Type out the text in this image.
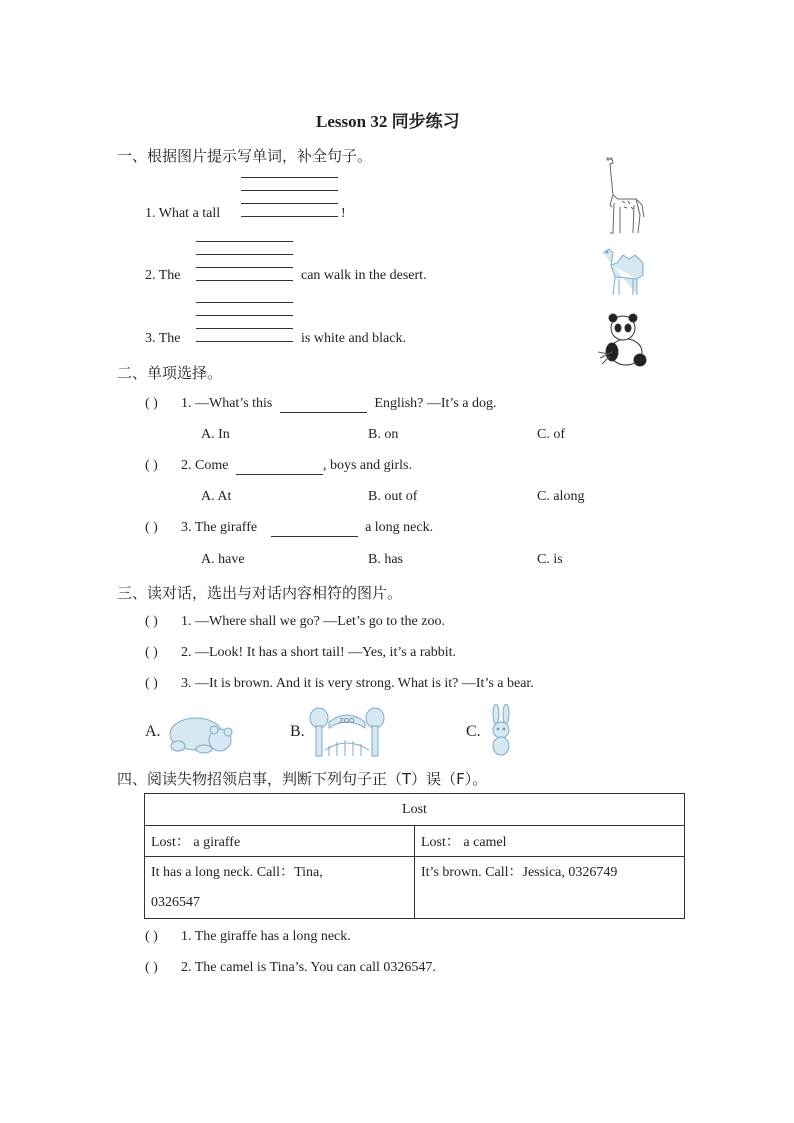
Lesson 32 同步练习
一、根据图片提示写单词，补全句子。
1. What a tall	!
2. The	can walk in the desert.
3. The	is white and black.
二、单项选择。
( ) 1. —What’s this	English? —It’s a dog.
A. In	B. on	C. of
( ) 2. Come	, boys and girls.
A. At	B. out of	C. along
( ) 3. The giraffe	a long neck.
A. have	B. has	C. is
三、读对话，选出与对话内容相符的图片。
( ) 1. —Where shall we go? —Let’s go to the zoo.
( ) 2. —Look! It has a short tail! —Yes, it’s a rabbit.
( ) 3. —It is brown. And it is very strong. What is it? —It’s a bear.
A.	B.
ZOO
C.
四、阅读失物招领启事，判断下列句子正（T）误（F）。
Lost	
Lost： a giraffe	Lost： a camel

It has a long neck. Call：Tina,
0326547	It’s brown. Call：Jessica, 0326749
( ) 1. The giraffe has a long neck.
( ) 2. The camel is Tina’s. You can call 0326547.
